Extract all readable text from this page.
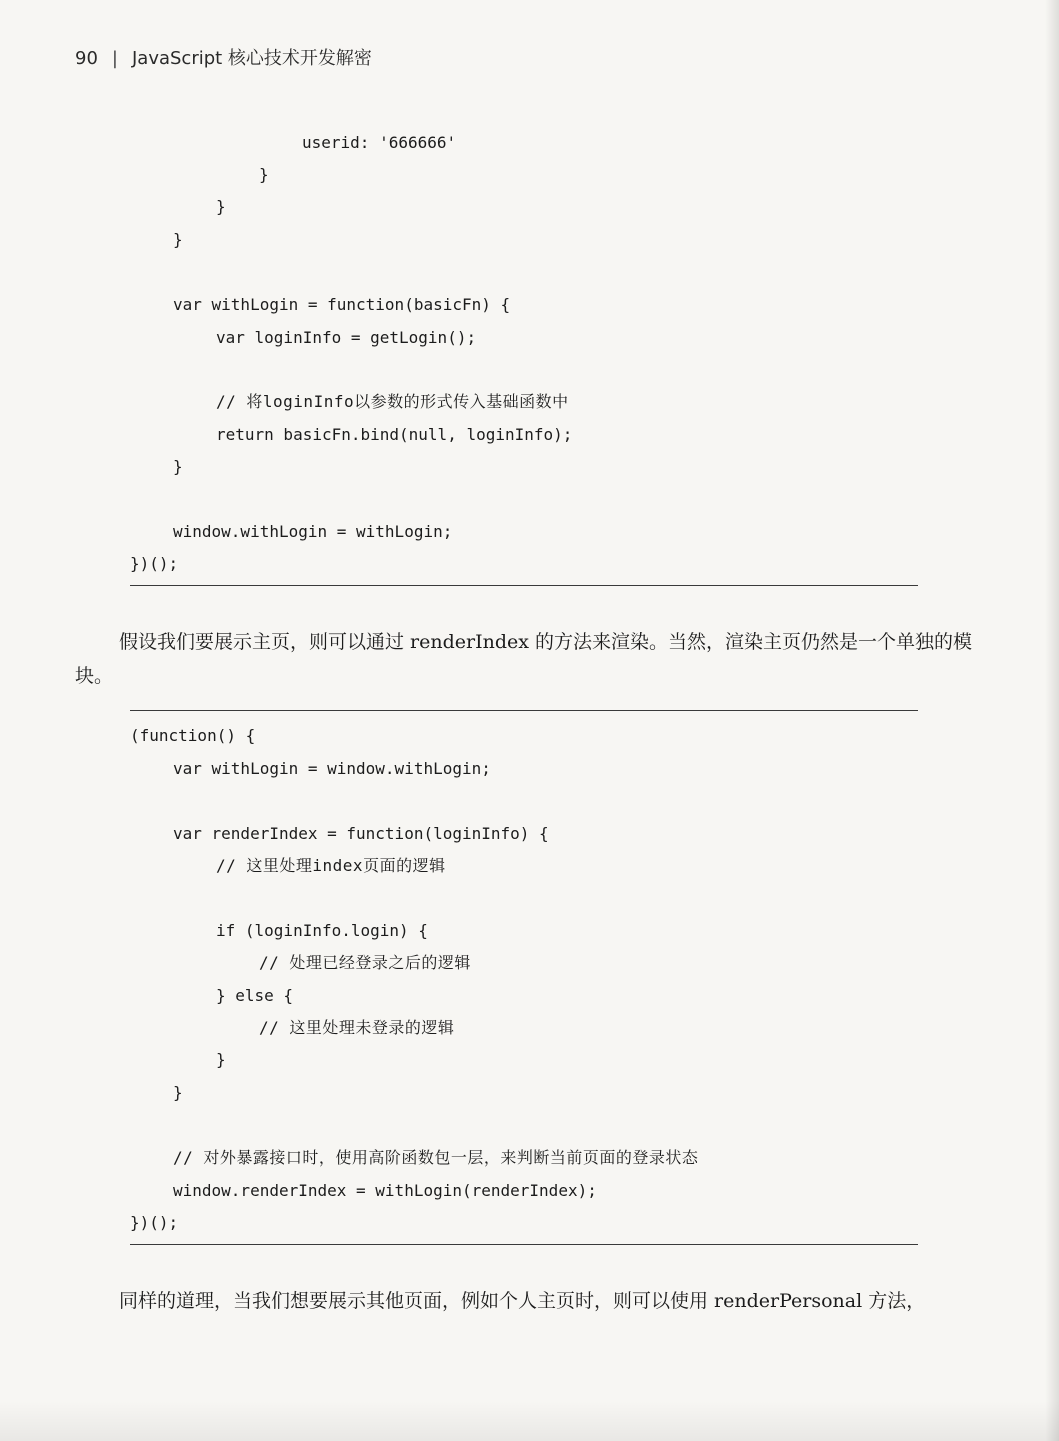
90 | JavaScript 核心技术开发解密
userid: '666666'
}
}
}
var withLogin = function(basicFn) {
var loginInfo = getLogin();
// 将loginInfo以参数的形式传入基础函数中
return basicFn.bind(null, loginInfo);
}
window.withLogin = withLogin;
})();
假设我们要展示主页，则可以通过 renderIndex 的方法来渲染。当然，渲染主页仍然是一个单独的模块。
(function() {
var withLogin = window.withLogin;
var renderIndex = function(loginInfo) {
// 这里处理index页面的逻辑
if (loginInfo.login) {
// 处理已经登录之后的逻辑
} else {
// 这里处理未登录的逻辑
}
}
// 对外暴露接口时，使用高阶函数包一层，来判断当前页面的登录状态
window.renderIndex = withLogin(renderIndex);
})();
同样的道理，当我们想要展示其他页面，例如个人主页时，则可以使用 renderPersonal 方法，
